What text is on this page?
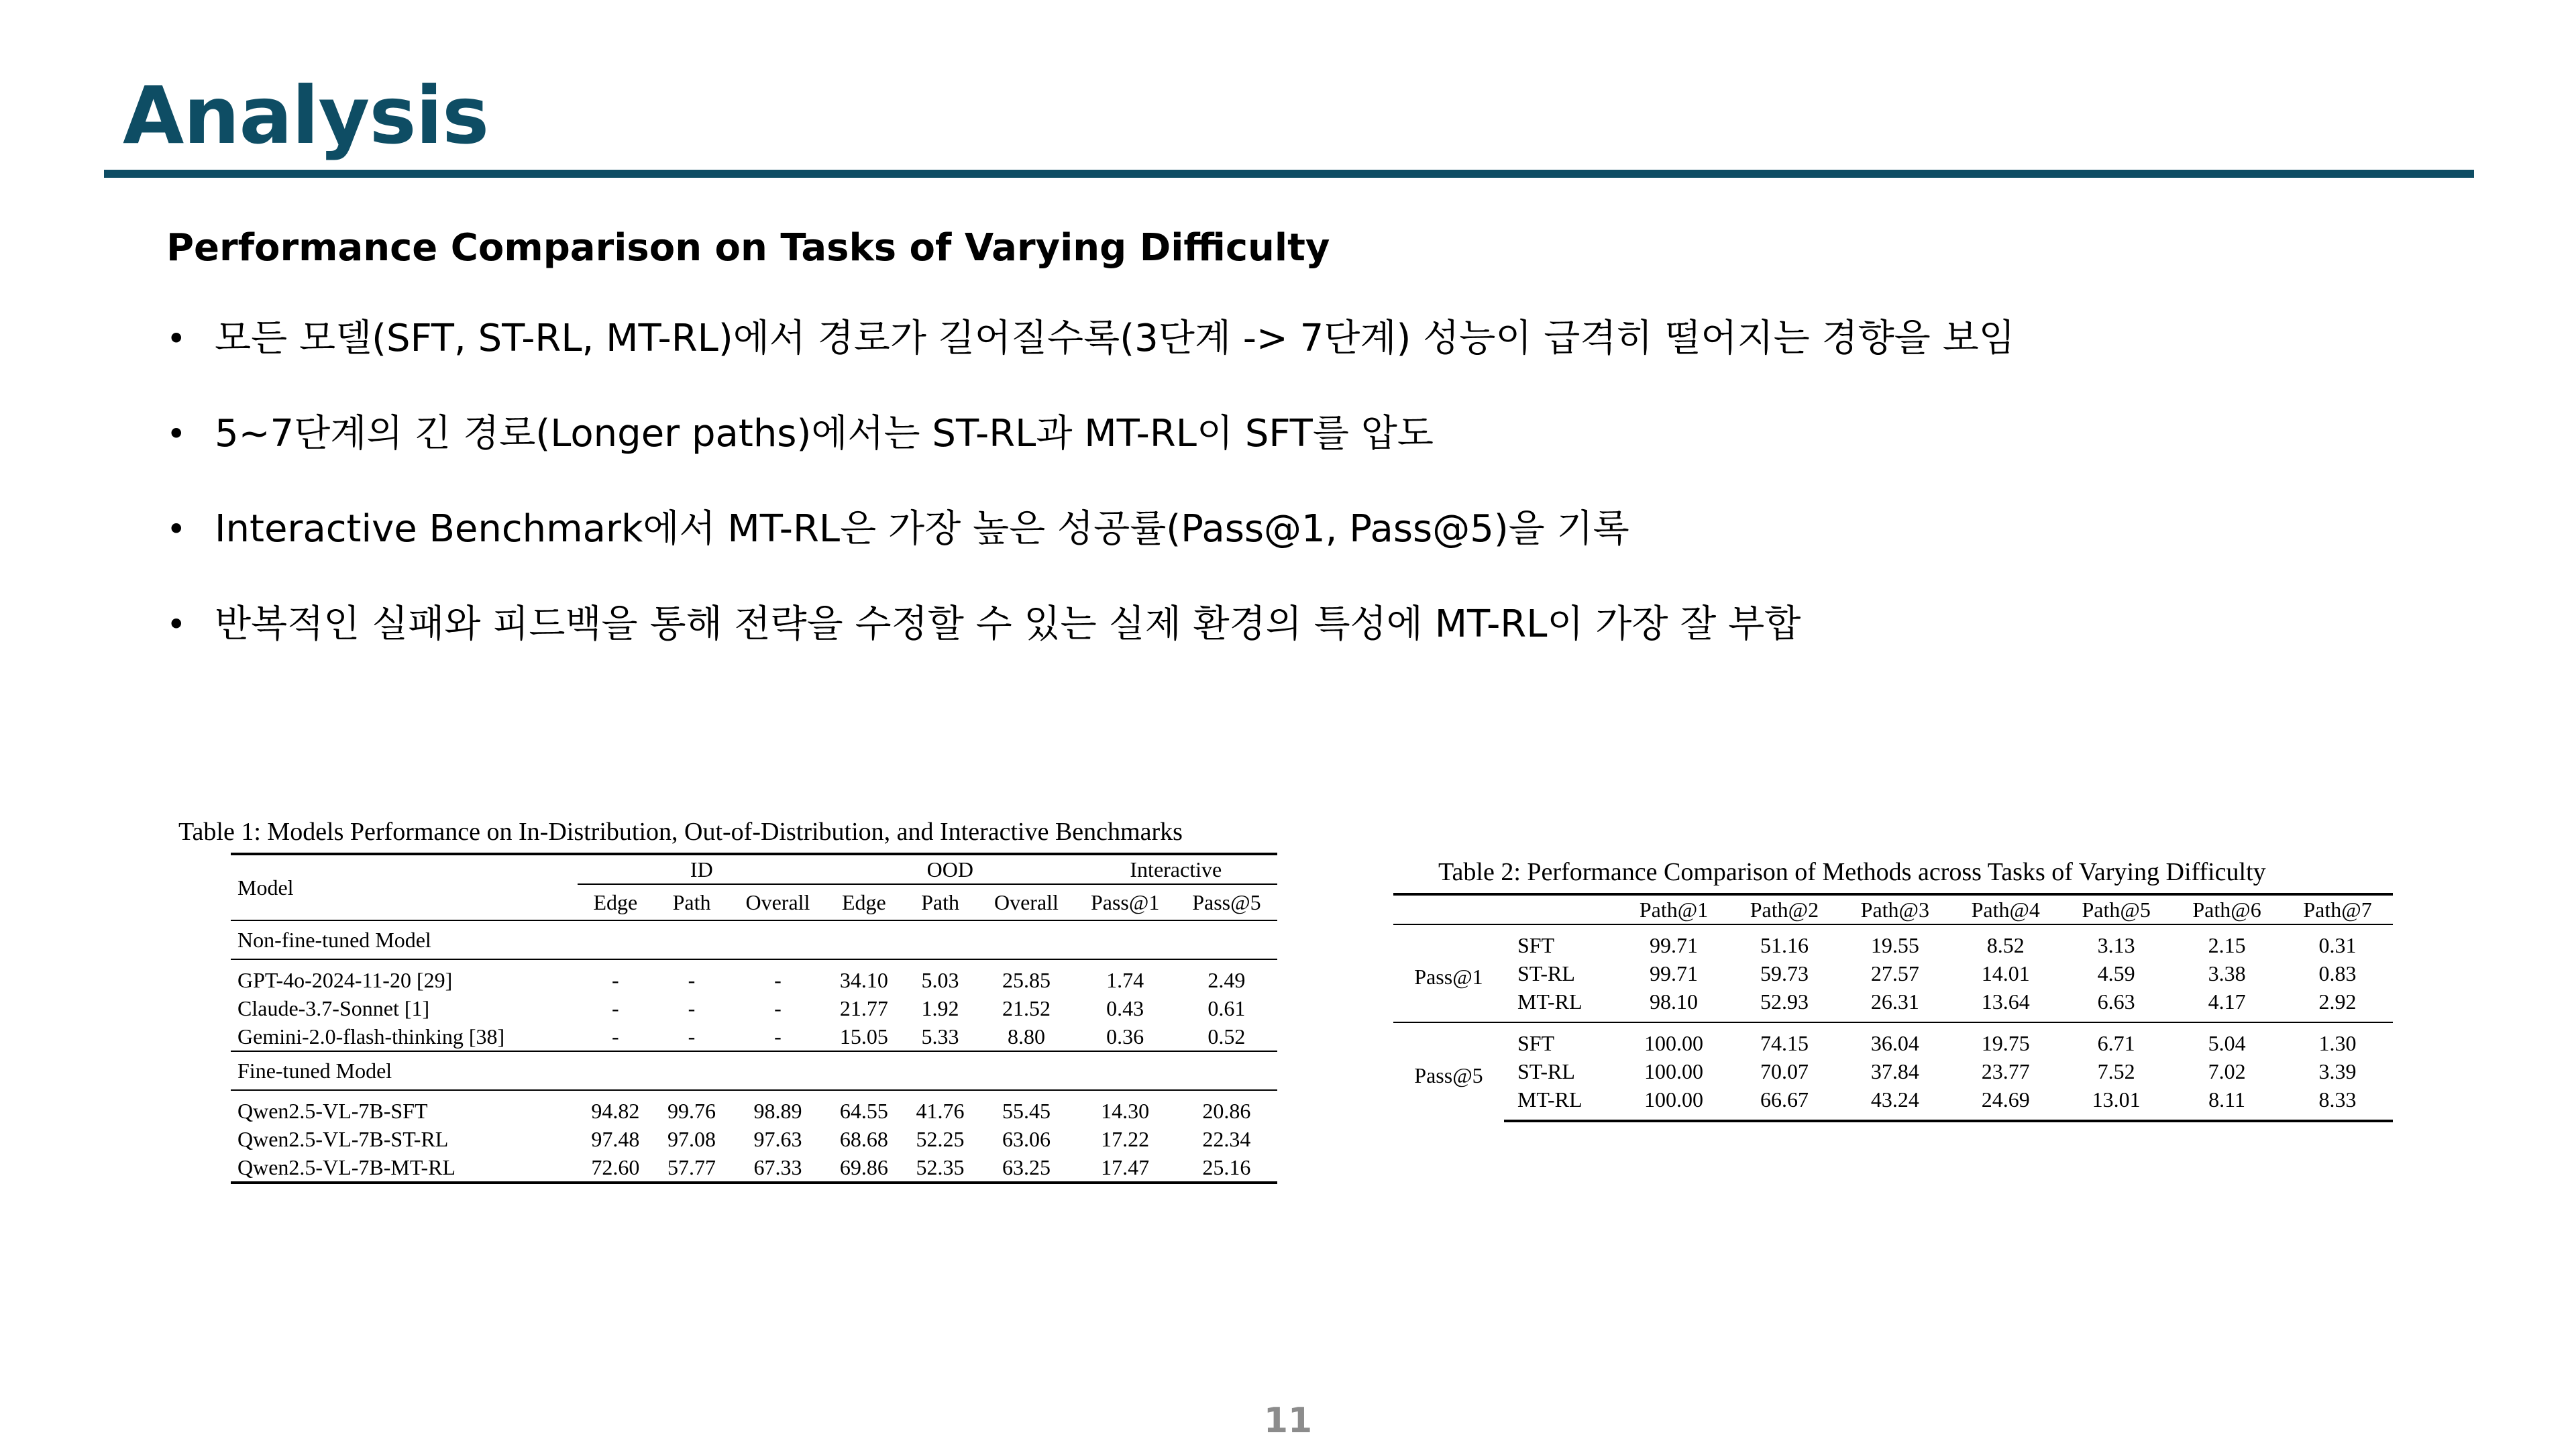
Analysis
Performance Comparison on Tasks of Varying Difficulty
• 모든 모델(SFT, ST-RL, MT-RL)에서 경로가 길어질수록(3단계 -> 7단계) 성능이 급격히 떨어지는 경향을 보임
• 5~7단계의 긴 경로(Longer paths)에서는 ST-RL과 MT-RL이 SFT를 압도
• Interactive Benchmark에서 MT-RL은 가장 높은 성공률(Pass@1, Pass@5)을 기록
• 반복적인 실패와 피드백을 통해 전략을 수정할 수 있는 실제 환경의 특성에 MT-RL이 가장 잘 부합

Table 1: Models Performance on In-Distribution, Out-of-Distribution, and Interactive Benchmarks

Model	ID			OOD			Interactive	
	Edge	Path	Overall	Edge	Path	Overall	Pass@1	Pass@5
Non-fine-tuned Model								
GPT-4o-2024-11-20 [29]	-	-	-	34.10	5.03	25.85	1.74	2.49
Claude-3.7-Sonnet [1]	-	-	-	21.77	1.92	21.52	0.43	0.61
Gemini-2.0-flash-thinking [38]	-	-	-	15.05	5.33	8.80	0.36	0.52
Fine-tuned Model								
Qwen2.5-VL-7B-SFT	94.82	99.76	98.89	64.55	41.76	55.45	14.30	20.86
Qwen2.5-VL-7B-ST-RL	97.48	97.08	97.63	68.68	52.25	63.06	17.22	22.34
Qwen2.5-VL-7B-MT-RL	72.60	57.77	67.33	69.86	52.35	63.25	17.47	25.16

Table 2: Performance Comparison of Methods across Tasks of Varying Difficulty

		Path@1	Path@2	Path@3	Path@4	Path@5	Path@6	Path@7
Pass@1	SFT	99.71	51.16	19.55	8.52	3.13	2.15	0.31
	ST-RL	99.71	59.73	27.57	14.01	4.59	3.38	0.83
	MT-RL	98.10	52.93	26.31	13.64	6.63	4.17	2.92
Pass@5	SFT	100.00	74.15	36.04	19.75	6.71	5.04	1.30
	ST-RL	100.00	70.07	37.84	23.77	7.52	7.02	3.39
	MT-RL	100.00	66.67	43.24	24.69	13.01	8.11	8.33
11
